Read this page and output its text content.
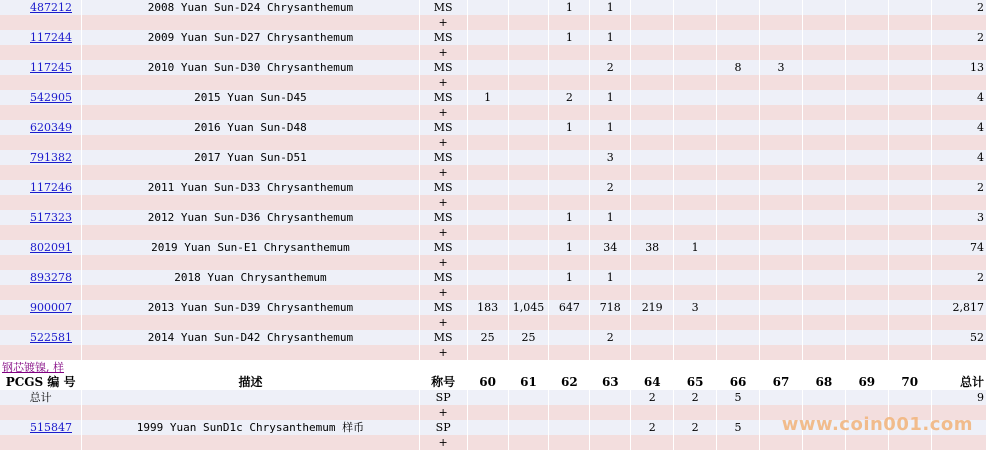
487212	2008 Yuan Sun-D24 Chrysanthemum	MS			1	1								2
		+												
117244	2009 Yuan Sun-D27 Chrysanthemum	MS			1	1								2
		+												
117245	2010 Yuan Sun-D30 Chrysanthemum	MS				2			8	3				13
		+												
542905	2015 Yuan Sun-D45	MS	1		2	1								4
		+												
620349	2016 Yuan Sun-D48	MS			1	1								4
		+												
791382	2017 Yuan Sun-D51	MS				3								4
		+												
117246	2011 Yuan Sun-D33 Chrysanthemum	MS				2								2
		+												
517323	2012 Yuan Sun-D36 Chrysanthemum	MS			1	1								3
		+												
802091	2019 Yuan Sun-E1 Chrysanthemum	MS			1	34	38	1						74
		+												
893278	2018 Yuan Chrysanthemum	MS			1	1								2
		+												
900007	2013 Yuan Sun-D39 Chrysanthemum	MS	183	1,045	647	718	219	3						2,817
		+												
522581	2014 Yuan Sun-D42 Chrysanthemum	MS	25	25		2								52
		+												
钢芯镀镍, 样														
PCGS 编 号	描述	称号	60	61	62	63	64	65	66	67	68	69	70	总计
总计		SP					2	2	5					9
		+												
515847	1999 Yuan SunD1c Chrysanthemum 样币	SP					2	2	5					
		+												
www.coin001.com
